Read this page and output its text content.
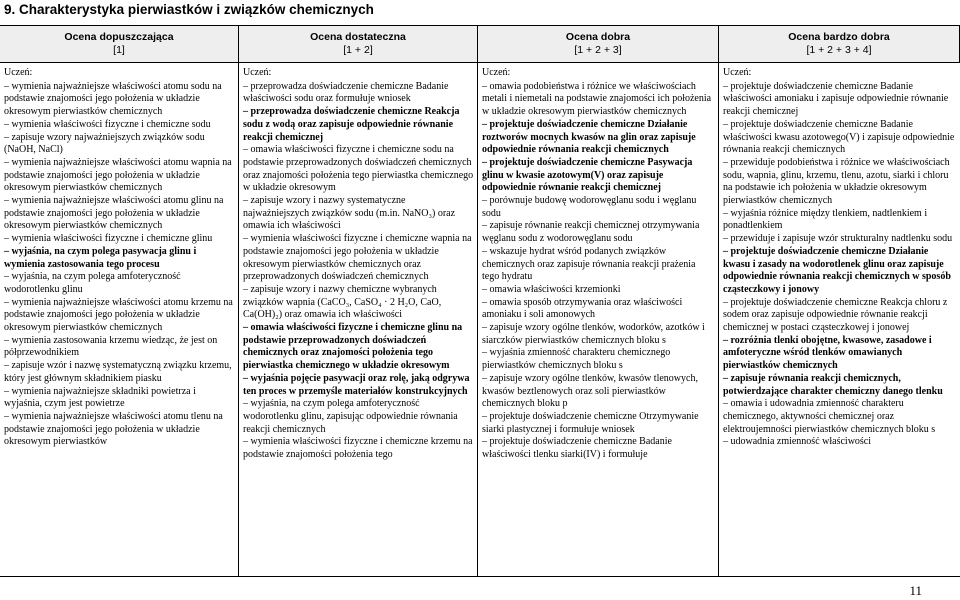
9. Charakterystyka pierwiastków i związków chemicznych
Ocena dopuszczająca
[1]
Ocena dostateczna
[1 + 2]
Ocena dobra
[1 + 2 + 3]
Ocena bardzo dobra
[1 + 2 + 3 + 4]

Uczeń:

– wymienia najważniejsze właściwości atomu sodu na podstawie znajomości jego położenia w układzie okresowym pierwiastków chemicznych

– wymienia właściwości fizyczne i chemiczne sodu

– zapisuje wzory najważniejszych związków sodu (NaOH, NaCl)

– wymienia najważniejsze właściwości atomu wapnia na podstawie znajomości jego położenia w układzie okresowym pierwiastków chemicznych

– wymienia najważniejsze właściwości atomu glinu na podstawie znajomości jego położenia w układzie okresowym pierwiastków chemicznych

– wymienia właściwości fizyczne i chemiczne glinu

– wyjaśnia, na czym polega pasywacja glinu i wymienia zastosowania tego procesu

– wyjaśnia, na czym polega amfoteryczność wodorotlenku glinu

– wymienia najważniejsze właściwości atomu krzemu na podstawie znajomości jego położenia w układzie okresowym pierwiastków chemicznych

– wymienia zastosowania krzemu wiedząc, że jest on półprzewodnikiem

– zapisuje wzór i nazwę systematyczną związku krzemu, który jest głównym składnikiem piasku

– wymienia najważniejsze składniki powietrza i wyjaśnia, czym jest powietrze

– wymienia najważniejsze właściwości atomu tlenu na podstawie znajomości jego położenia w układzie okresowym pierwiastków

Uczeń:

– przeprowadza doświadczenie chemiczne Badanie właściwości sodu oraz formułuje wniosek

– przeprowadza doświadczenie chemiczne Reakcja sodu z wodą oraz zapisuje odpowiednie równanie reakcji chemicznej

– omawia właściwości fizyczne i chemiczne sodu na podstawie przeprowadzonych doświadczeń chemicznych oraz znajomości położenia tego pierwiastka chemicznego w układzie okresowym

– zapisuje wzory i nazwy systematyczne najważniejszych związków sodu (m.in. NaNO₃) oraz omawia ich właściwości

– wymienia właściwości fizyczne i chemiczne wapnia na podstawie znajomości jego położenia w układzie okresowym pierwiastków chemicznych oraz przeprowadzonych doświadczeń chemicznych

– zapisuje wzory i nazwy chemiczne wybranych związków wapnia (CaCO₃, CaSO₄ · 2 H₂O, CaO, Ca(OH)₂) oraz omawia ich właściwości

– omawia właściwości fizyczne i chemiczne glinu na podstawie przeprowadzonych doświadczeń chemicznych oraz znajomości położenia tego pierwiastka chemicznego w układzie okresowym

– wyjaśnia pojęcie pasywacji oraz rolę, jaką odgrywa ten proces w przemyśle materiałów konstrukcyjnych

– wyjaśnia, na czym polega amfoteryczność wodorotlenku glinu, zapisując odpowiednie równania reakcji chemicznych

– wymienia właściwości fizyczne i chemiczne krzemu na podstawie znajomości położenia tego

Uczeń:

– omawia podobieństwa i różnice we właściwościach metali i niemetali na podstawie znajomości ich położenia w układzie okresowym pierwiastków chemicznych

– projektuje doświadczenie chemiczne Działanie roztworów mocnych kwasów na glin oraz zapisuje odpowiednie równania reakcji chemicznych

– projektuje doświadczenie chemiczne Pasywacja glinu w kwasie azotowym(V) oraz zapisuje odpowiednie równanie reakcji chemicznej

– porównuje budowę wodorowęglanu sodu i węglanu sodu

– zapisuje równanie reakcji chemicznej otrzymywania węglanu sodu z wodorowęglanu sodu

– wskazuje hydrat wśród podanych związków chemicznych oraz zapisuje równania reakcji prażenia tego hydratu

– omawia właściwości krzemionki

– omawia sposób otrzymywania oraz właściwości amoniaku i soli amonowych

– zapisuje wzory ogólne tlenków, wodorków, azotków i siarczków pierwiastków chemicznych bloku s

– wyjaśnia zmienność charakteru chemicznego pierwiastków chemicznych bloku s

– zapisuje wzory ogólne tlenków, kwasów tlenowych, kwasów beztlenowych oraz soli pierwiastków chemicznych bloku p

– projektuje doświadczenie chemiczne Otrzymywanie siarki plastycznej i formułuje wniosek

– projektuje doświadczenie chemiczne Badanie właściwości tlenku siarki(IV) i formułuje

Uczeń:

– projektuje doświadczenie chemiczne Badanie właściwości amoniaku i zapisuje odpowiednie równanie reakcji chemicznej

– projektuje doświadczenie chemiczne Badanie właściwości kwasu azotowego(V) i zapisuje odpowiednie równania reakcji chemicznych

– przewiduje podobieństwa i różnice we właściwościach sodu, wapnia, glinu, krzemu, tlenu, azotu, siarki i chloru na podstawie ich położenia w układzie okresowym pierwiastków chemicznych

– wyjaśnia różnice między tlenkiem, nadtlenkiem i ponadtlenkiem

– przewiduje i zapisuje wzór strukturalny nadtlenku sodu

– projektuje doświadczenie chemiczne Działanie kwasu i zasady na wodorotlenek glinu oraz zapisuje odpowiednie równania reakcji chemicznych w sposób cząsteczkowy i jonowy

– projektuje doświadczenie chemiczne Reakcja chloru z sodem oraz zapisuje odpowiednie równanie reakcji chemicznej w postaci cząsteczkowej i jonowej

– rozróżnia tlenki obojętne, kwasowe, zasadowe i amfoteryczne wśród tlenków omawianych pierwiastków chemicznych

– zapisuje równania reakcji chemicznych, potwierdzające charakter chemiczny danego tlenku

– omawia i udowadnia zmienność charakteru chemicznego, aktywności chemicznej oraz elektroujemności pierwiastków chemicznych bloku s

– udowadnia zmienność właściwości

11
